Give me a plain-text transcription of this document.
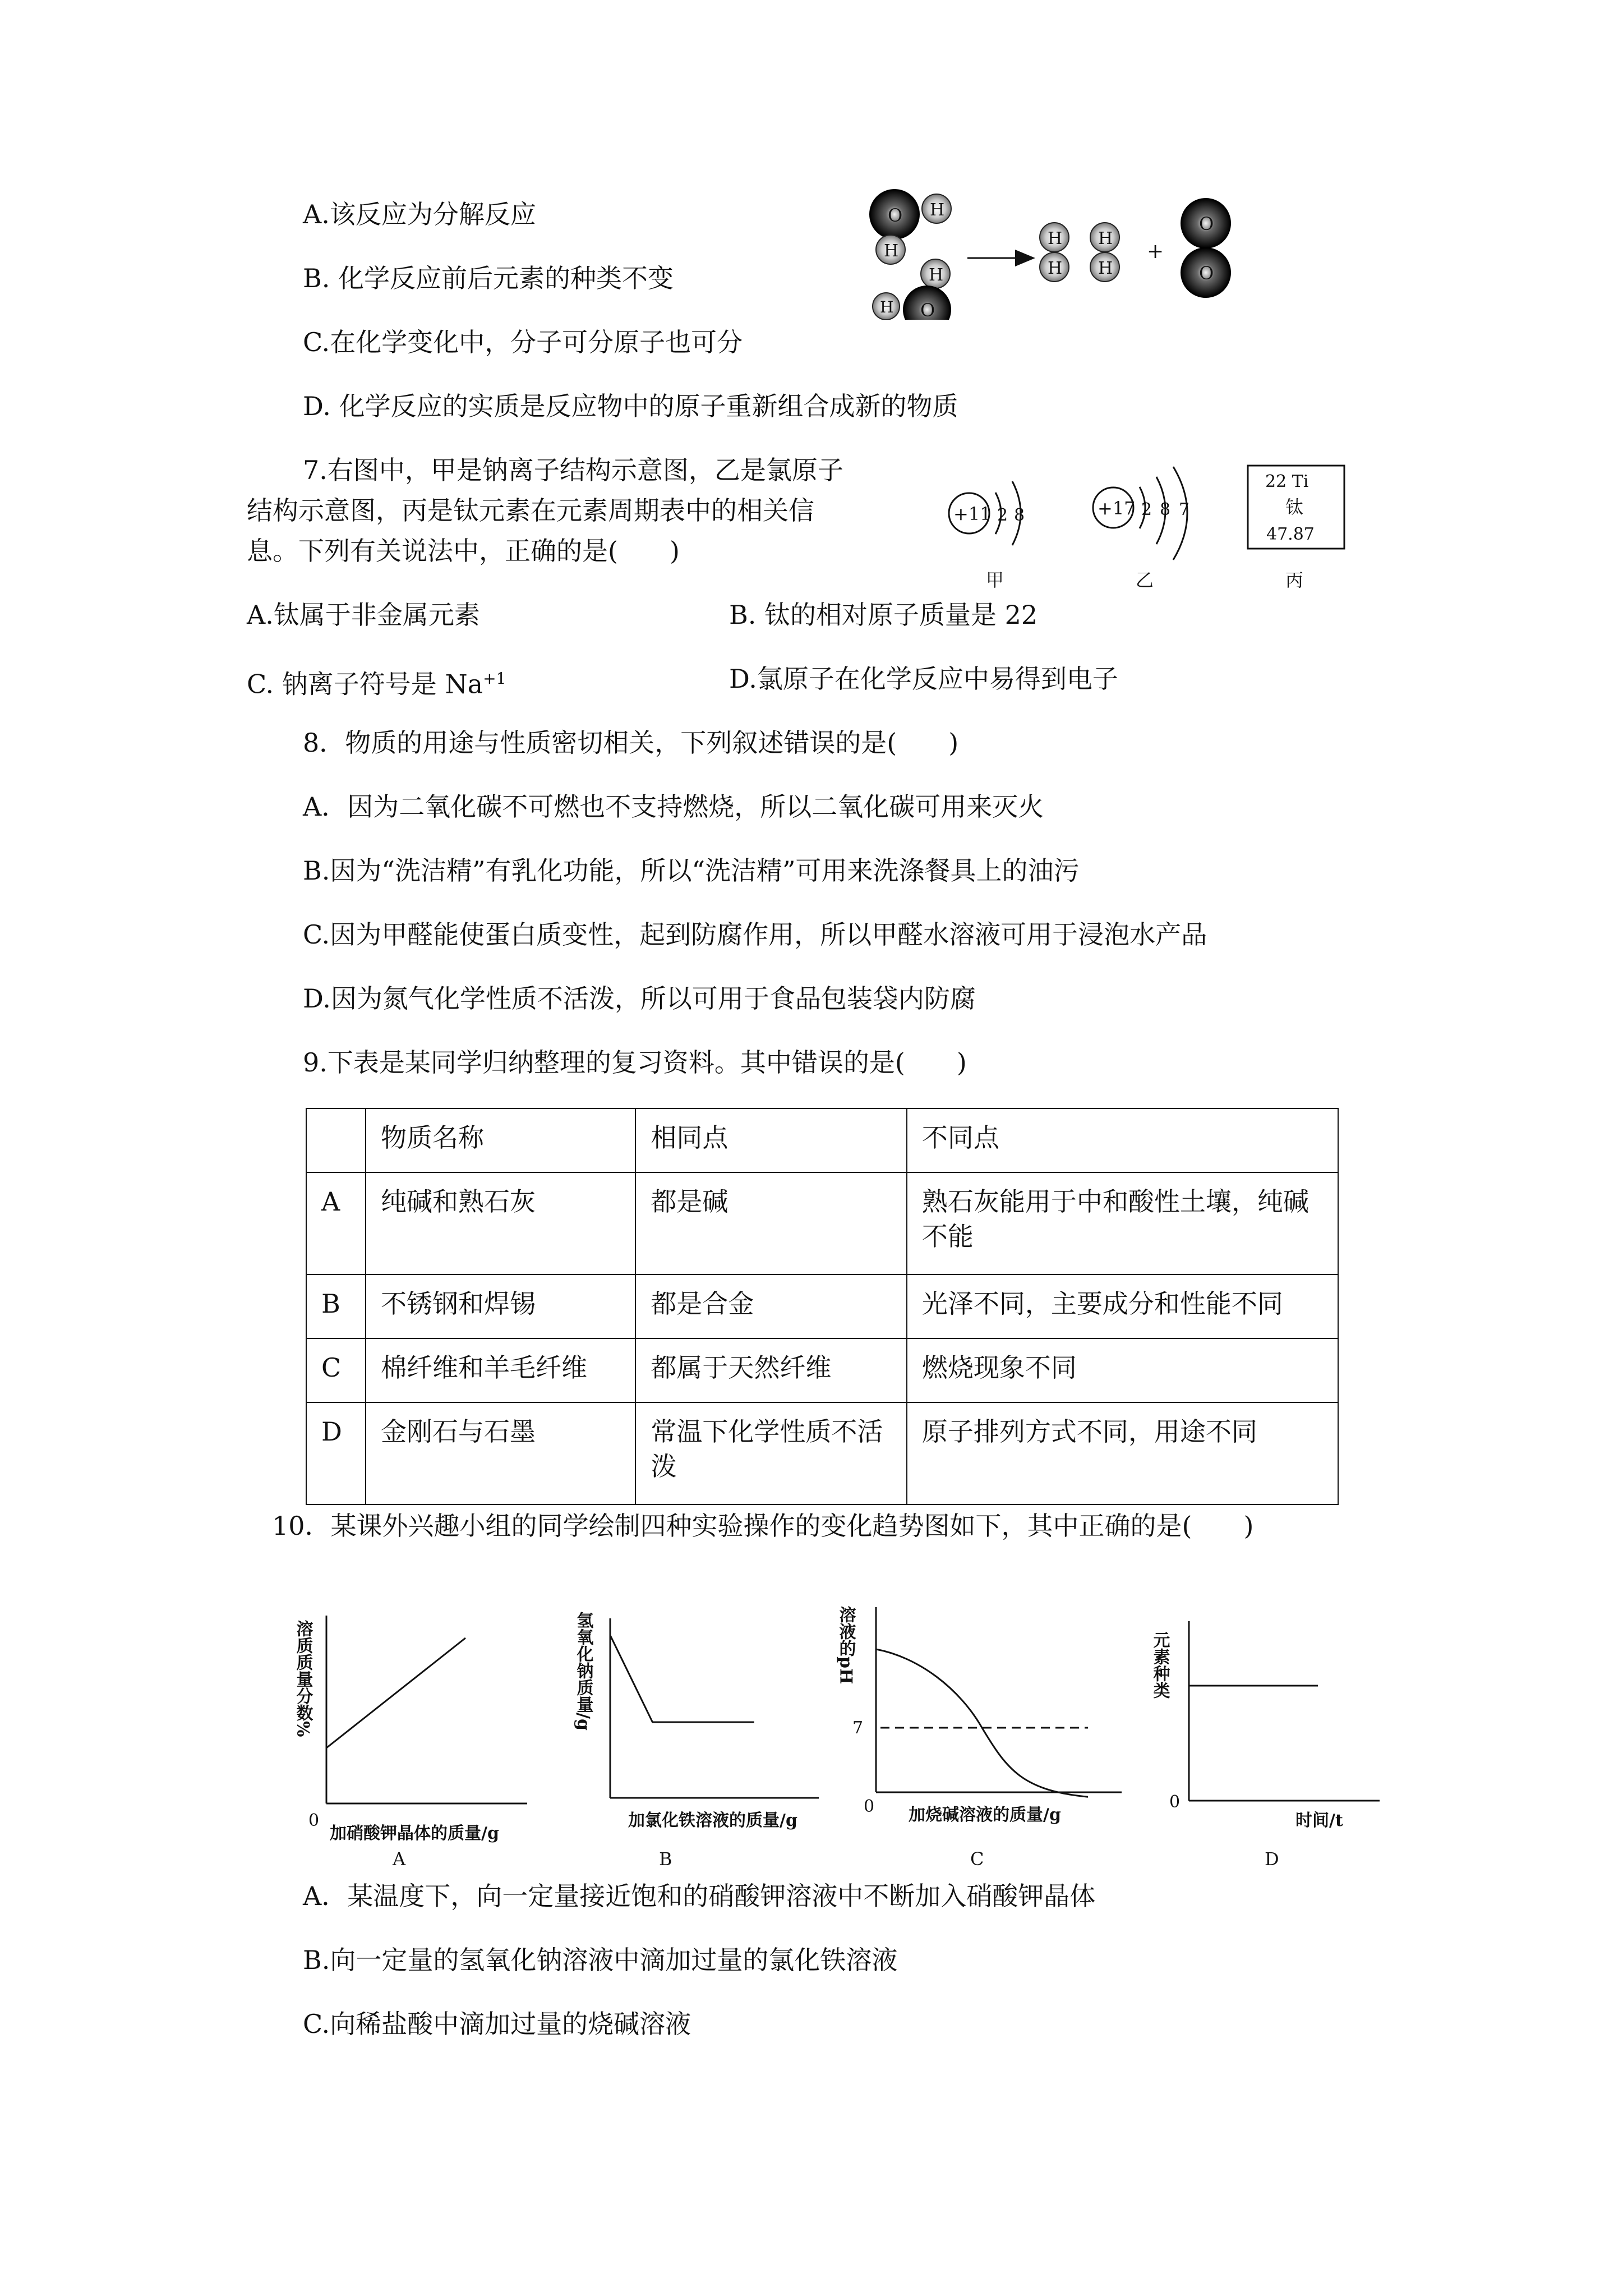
A.该反应为分解反应
B. 化学反应前后元素的种类不变
C.在化学变化中，分子可分原子也可分
D. 化学反应的实质是反应物中的原子重新组合成新的物质
O H
H
H
H O
H
H
H
H
+
O
O
7.右图中，甲是钠离子结构示意图，乙是氯原子
结构示意图，丙是钛元素在元素周期表中的相关信
息。下列有关说法中，正确的是(　　)
+11 2 8
甲
+17 2 8 7
乙
22 Ti
钛
47.87
丙
A.钛属于非金属元素	B. 钛的相对原子质量是 22
C. 钠离子符号是 $Na^{+1}$	D.氯原子在化学反应中易得到电子
8．物质的用途与性质密切相关，下列叙述错误的是(　　)
A．因为二氧化碳不可燃也不支持燃烧，所以二氧化碳可用来灭火
B.因为“洗洁精”有乳化功能，所以“洗洁精”可用来洗涤餐具上的油污
C.因为甲醛能使蛋白质变性，起到防腐作用，所以甲醛水溶液可用于浸泡水产品
D.因为氮气化学性质不活泼，所以可用于食品包装袋内防腐
9.下表是某同学归纳整理的复习资料。其中错误的是(　　)
	物质名称	相同点	不同点
A	纯碱和熟石灰	都是碱	熟石灰能用于中和酸性土壤，纯碱不能
B	不锈钢和焊锡	都是合金	光泽不同，主要成分和性能不同
C	棉纤维和羊毛纤维	都属于天然纤维	燃烧现象不同
D	金刚石与石墨	常温下化学性质不活泼	原子排列方式不同，用途不同
10．某课外兴趣小组的同学绘制四种实验操作的变化趋势图如下，其中正确的是(　　)
溶质质量分数%
0
加硝酸钾晶体的质量/g
A
氢氧化钠质量/g
加氯化铁溶液的质量/g
B
溶液的pH
7
0 加烧碱溶液的质量/g
C
元素种类
0
时间/t
D
A．某温度下，向一定量接近饱和的硝酸钾溶液中不断加入硝酸钾晶体
B.向一定量的氢氧化钠溶液中滴加过量的氯化铁溶液
C.向稀盐酸中滴加过量的烧碱溶液
